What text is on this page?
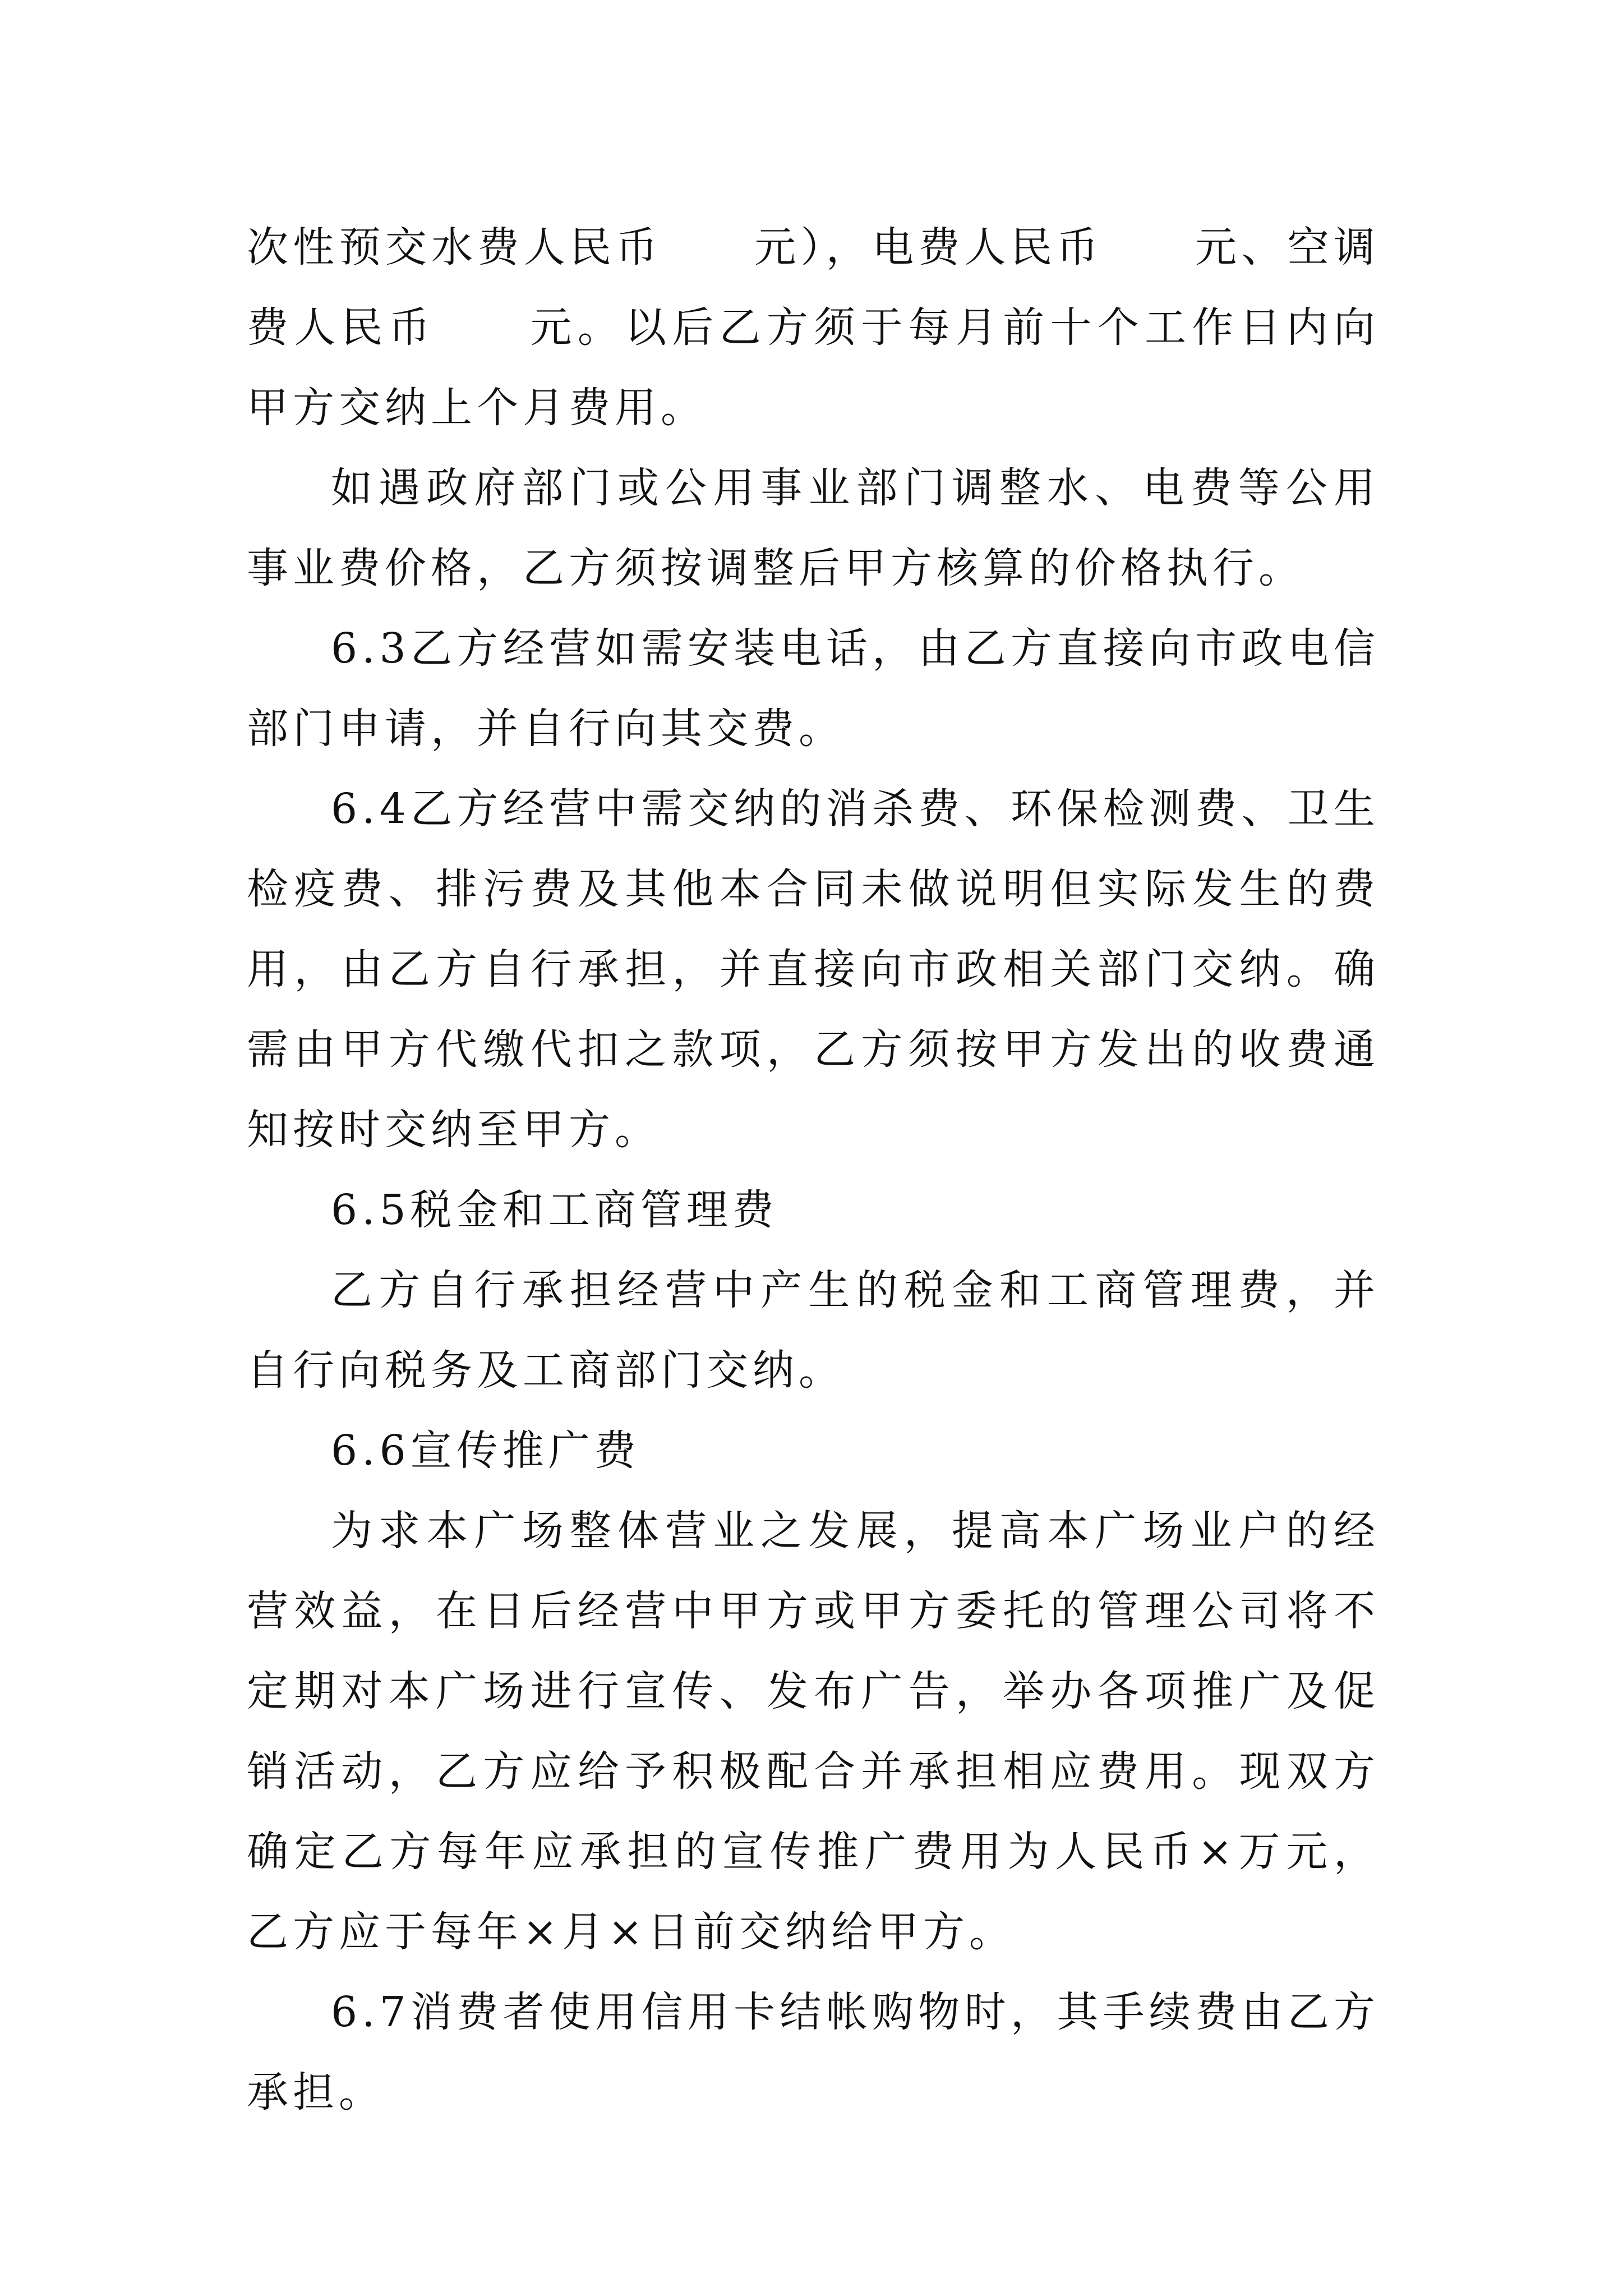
次性预交水费人民币　　元），电费人民币　　元、空调费人民币　　元。以后乙方须于每月前十个工作日内向甲方交纳上个月费用。

如遇政府部门或公用事业部门调整水、电费等公用事业费价格，乙方须按调整后甲方核算的价格执行。

6.3乙方经营如需安装电话，由乙方直接向市政电信部门申请，并自行向其交费。

6.4乙方经营中需交纳的消杀费、环保检测费、卫生检疫费、排污费及其他本合同未做说明但实际发生的费用，由乙方自行承担，并直接向市政相关部门交纳。确需由甲方代缴代扣之款项，乙方须按甲方发出的收费通知按时交纳至甲方。

6.5税金和工商管理费

乙方自行承担经营中产生的税金和工商管理费，并自行向税务及工商部门交纳。

6.6宣传推广费

为求本广场整体营业之发展，提高本广场业户的经营效益，在日后经营中甲方或甲方委托的管理公司将不定期对本广场进行宣传、发布广告，举办各项推广及促销活动，乙方应给予积极配合并承担相应费用。现双方确定乙方每年应承担的宣传推广费用为人民币×万元，乙方应于每年×月×日前交纳给甲方。

6.7消费者使用信用卡结帐购物时，其手续费由乙方承担。
